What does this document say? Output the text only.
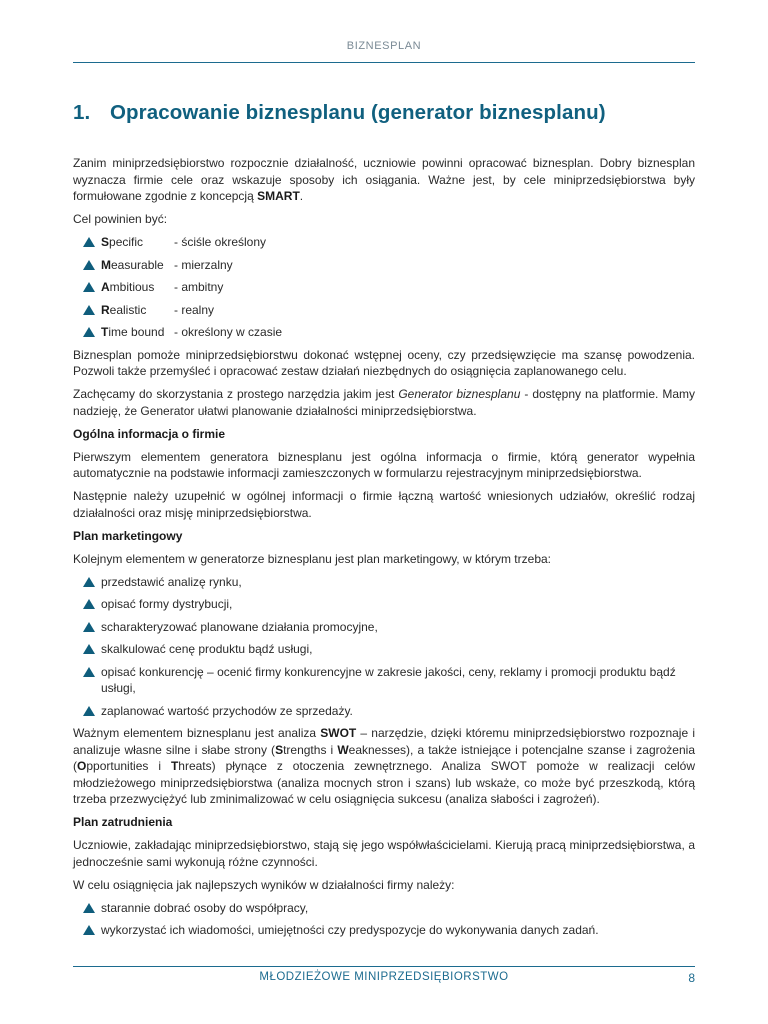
BIZNESPLAN
1. Opracowanie biznesplanu (generator biznesplanu)

Zanim miniprzedsiębiorstwo rozpocznie działalność, uczniowie powinni opracować biznesplan. Dobry biznesplan wyznacza firmie cele oraz wskazuje sposoby ich osiągania. Ważne jest, by cele miniprzedsiębiorstwa były formułowane zgodnie z koncepcją SMART.

Cel powinien być:

Specific	- ściśle określony
Measurable - mierzalny
Ambitious - ambitny
Realistic - realny
Time bound - określony w czasie

Biznesplan pomoże miniprzedsiębiorstwu dokonać wstępnej oceny, czy przedsięwzięcie ma szansę powodzenia. Pozwoli także przemyśleć i opracować zestaw działań niezbędnych do osiągnięcia zaplanowanego celu.

Zachęcamy do skorzystania z prostego narzędzia jakim jest Generator biznesplanu - dostępny na platformie. Mamy nadzieję, że Generator ułatwi planowanie działalności miniprzedsiębiorstwa.

Ogólna informacja o firmie

Pierwszym elementem generatora biznesplanu jest ogólna informacja o firmie, którą generator wypełnia automatycznie na podstawie informacji zamieszczonych w formularzu rejestracyjnym miniprzedsiębiorstwa.

Następnie należy uzupełnić w ogólnej informacji o firmie łączną wartość wniesionych udziałów, określić rodzaj działalności oraz misję miniprzedsiębiorstwa.

Plan marketingowy

Kolejnym elementem w generatorze biznesplanu jest plan marketingowy, w którym trzeba:

przedstawić analizę rynku,
opisać formy dystrybucji,
scharakteryzować planowane działania promocyjne,
skalkulować cenę produktu bądź usługi,
opisać konkurencję – ocenić firmy konkurencyjne w zakresie jakości, ceny, reklamy i promocji produktu bądź usługi,
zaplanować wartość przychodów ze sprzedaży.

Ważnym elementem biznesplanu jest analiza SWOT – narzędzie, dzięki któremu miniprzedsiębiorstwo rozpoznaje i analizuje własne silne i słabe strony (Strengths i Weaknesses), a także istniejące i potencjalne szanse i zagrożenia (Opportunities i Threats) płynące z otoczenia zewnętrznego. Analiza SWOT pomoże w realizacji celów młodzieżowego miniprzedsiębiorstwa (analiza mocnych stron i szans) lub wskaże, co może być przeszkodą, którą trzeba przezwyciężyć lub zminimalizować w celu osiągnięcia sukcesu (analiza słabości i zagrożeń).

Plan zatrudnienia

Uczniowie, zakładając miniprzedsiębiorstwo, stają się jego współwłaścicielami. Kierują pracą miniprzedsiębiorstwa, a jednocześnie sami wykonują różne czynności.

W celu osiągnięcia jak najlepszych wyników w działalności firmy należy:

starannie dobrać osoby do współpracy,
wykorzystać ich wiadomości, umiejętności czy predyspozycje do wykonywania danych zadań.
MŁODZIEŻOWE MINIPRZEDSIĘBIORSTWO	8
